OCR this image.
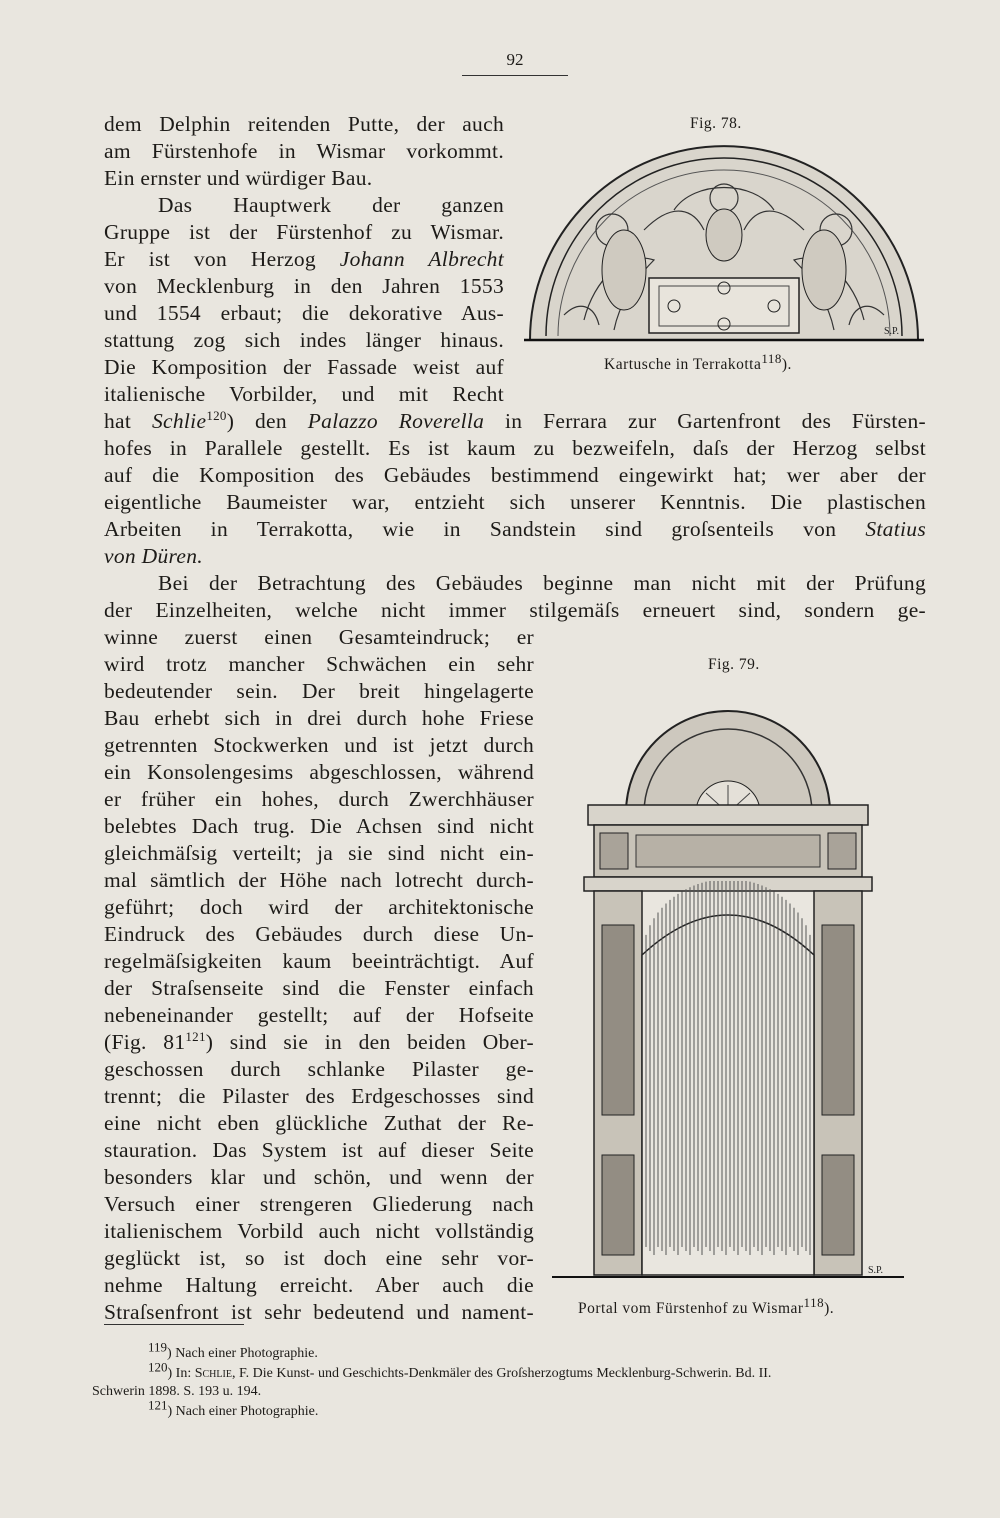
92
dem Delphin reitenden Putte, der auch
am Fürstenhofe in Wismar vorkommt.
Ein ernster und würdiger Bau.
Das Hauptwerk der ganzen
Gruppe ist der Fürstenhof zu Wismar.
Er ist von Herzog Johann Albrecht
von Mecklenburg in den Jahren 1553
und 1554 erbaut; die dekorative Aus-
stattung zog sich indes länger hinaus.
Die Komposition der Fassade weist auf
italienische Vorbilder, und mit Recht
hat Schlie$^{120}$) den Palazzo Roverella in Ferrara zur Gartenfront des Fürsten-
hofes in Parallele gestellt. Es ist kaum zu bezweifeln, daſs der Herzog selbst
auf die Komposition des Gebäudes bestimmend eingewirkt hat; wer aber der
eigentliche Baumeister war, entzieht sich unserer Kenntnis. Die plastischen
Arbeiten in Terrakotta, wie in Sandstein sind groſsenteils von Statius
von Düren.
Bei der Betrachtung des Gebäudes beginne man nicht mit der Prüfung
der Einzelheiten, welche nicht immer stilgemäſs erneuert sind, sondern ge-
winne zuerst einen Gesamteindruck; er
wird trotz mancher Schwächen ein sehr
bedeutender sein. Der breit hingelagerte
Bau erhebt sich in drei durch hohe Friese
getrennten Stockwerken und ist jetzt durch
ein Konsolengesims abgeschlossen, während
er früher ein hohes, durch Zwerchhäuser
belebtes Dach trug. Die Achsen sind nicht
gleichmäſsig verteilt; ja sie sind nicht ein-
mal sämtlich der Höhe nach lotrecht durch-
geführt; doch wird der architektonische
Eindruck des Gebäudes durch diese Un-
regelmäſsigkeiten kaum beeinträchtigt. Auf
der Straſsenseite sind die Fenster einfach
nebeneinander gestellt; auf der Hofseite
(Fig. $81^{121}$) sind sie in den beiden Ober-
geschossen durch schlanke Pilaster ge-
trennt; die Pilaster des Erdgeschosses sind
eine nicht eben glückliche Zuthat der Re-
stauration. Das System ist auf dieser Seite
besonders klar und schön, und wenn der
Versuch einer strengeren Gliederung nach
italienischem Vorbild auch nicht vollständig
geglückt ist, so ist doch eine sehr vor-
nehme Haltung erreicht. Aber auch die
Straſsenfront ist sehr bedeutend und nament-
Fig. 78.
S.P.
Kartusche in Terrakotta$^{118}$).
Fig. 79.
S.P.
Portal vom Fürstenhof zu Wismar$^{118}$).
$^{119}$) Nach einer Photographie.
$^{120}$) In: Schlie, F. Die Kunst- und Geschichts-Denkmäler des Groſsherzogtums Mecklenburg-Schwerin. Bd. II.
Schwerin 1898. S. 193 u. 194.
$^{121}$) Nach einer Photographie.
